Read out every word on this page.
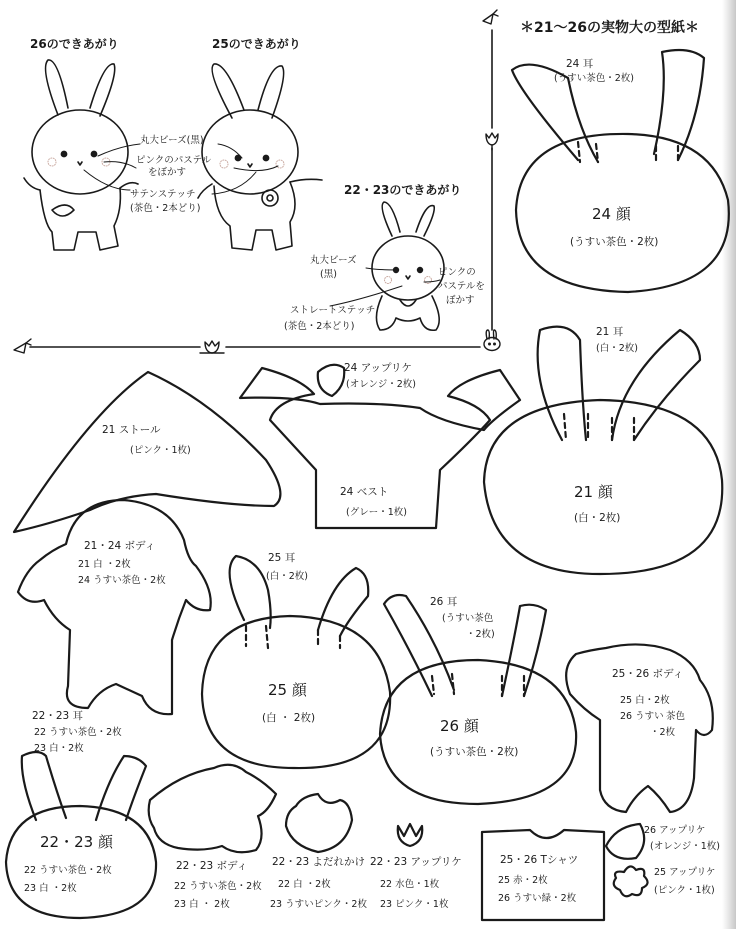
＊21〜26の実物大の型紙＊
26のできあがり	25のできあがり
22・23のできあがり
丸大ビーズ(黒)
ピンクのパステル
をぼかす
サテンステッチ
(茶色・2本どり)
丸大ビーズ
(黒)	ピンクの
パステルを
ぼかす
ストレートステッチ
(茶色・2本どり)
24 耳
(うすい茶色・2枚)
24 顔
(うすい茶色・2枚)
21 耳
(白・2枚)
21 顔
(白・2枚)
21 ストール
(ピンク・1枚)
24 アップリケ
(オレンジ・2枚)
24 ベスト
(グレー・1枚)
21・24 ボディ
21 白 ・2枚
24 うすい茶色・2枚
25 耳
(白・2枚)
25 顔
(白 ・ 2枚)
26 耳
(うすい茶色
・2枚)
26 顔
(うすい茶色・2枚)
25・26 ボディ
25 白・2枚
26 うすい 茶色
・2枚
22・23 耳
22 うすい茶色・2枚
23 白・2枚
22・23 顔
22 うすい茶色・2枚
23 白 ・2枚
22・23 ボディ
22 うすい茶色・2枚
23 白 ・ 2枚
22・23 よだれかけ
22 白 ・2枚
23 うすいピンク・2枚
22・23 アップリケ
22 水色・1枚
23 ピンク・1枚
25・26 Tシャツ
25 赤・2枚
26 うすい緑・2枚
26 アップリケ
(オレンジ・1枚)
25 アップリケ
(ピンク・1枚)
